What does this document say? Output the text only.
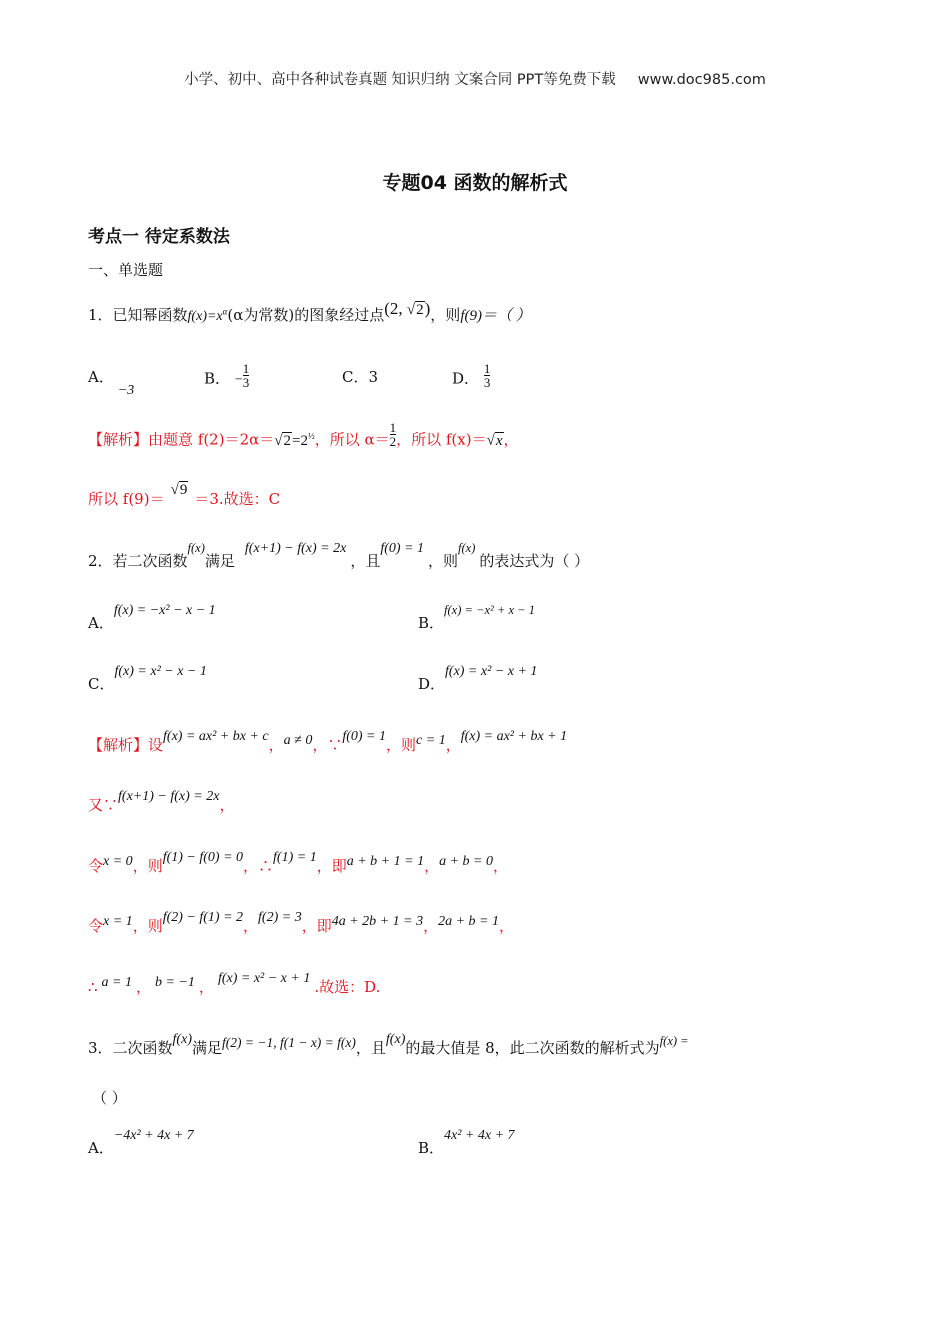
小学、初中、高中各种试卷真题 知识归纳 文案合同 PPT等免费下载 www.doc985.com
专题04 函数的解析式
考点一 待定系数法
一、单选题
1．已知幂函数$f(x)=x^\alpha(\alpha$为常数)的图象经过点(2, √2)，则f(9)＝（ ）
A．−3
B． − $\frac{1}{3}$	C．3	D． $\frac{1}{3}$
【解析】由题意 $f(2)=2\alpha=√2=2^{\frac{1}{2}}$，所以 $\alpha= \frac{1}{2}$ ，所以 f(x)＝√x，
所以 f(9)＝ √9 ＝3.故选：C
2．若二次函数$^{f(x)}$满足f(x+1) − f(x) = 2x，且f(0) = 1，则$^{f(x)}$的表达式为（ ）
A．f(x) = −x² − x − 1
B．$^{f(x) = -x^2 + x - 1}$
C．f(x) = x² − x − 1
D．f(x) = x² − x + 1
【解析】设f(x) = ax² + bx + c，a ≠ 0，∵f(0) = 1，则c = 1，f(x) = ax² + bx + 1
又∵f(x+1) − f(x) = 2x，
令x = 0，则f(1) − f(0) = 0，∴f(1) = 1，即a + b + 1 = 1，a + b = 0，
令x = 1，则f(2) − f(1) = 2，f(2) = 3，即4a + 2b + 1 = 3，2a + b = 1，
∴ a = 1 ， b = −1 ， f(x) = x² − x + 1 .故选：D.
3．二次函数f(x)满足f(2) = −1, f(1 − x) = f(x)，且f(x)的最大值是 8，此二次函数的解析式为$^{f(x) =}$
（ ）
A．−4x² + 4x + 7
B．4x² + 4x + 7
